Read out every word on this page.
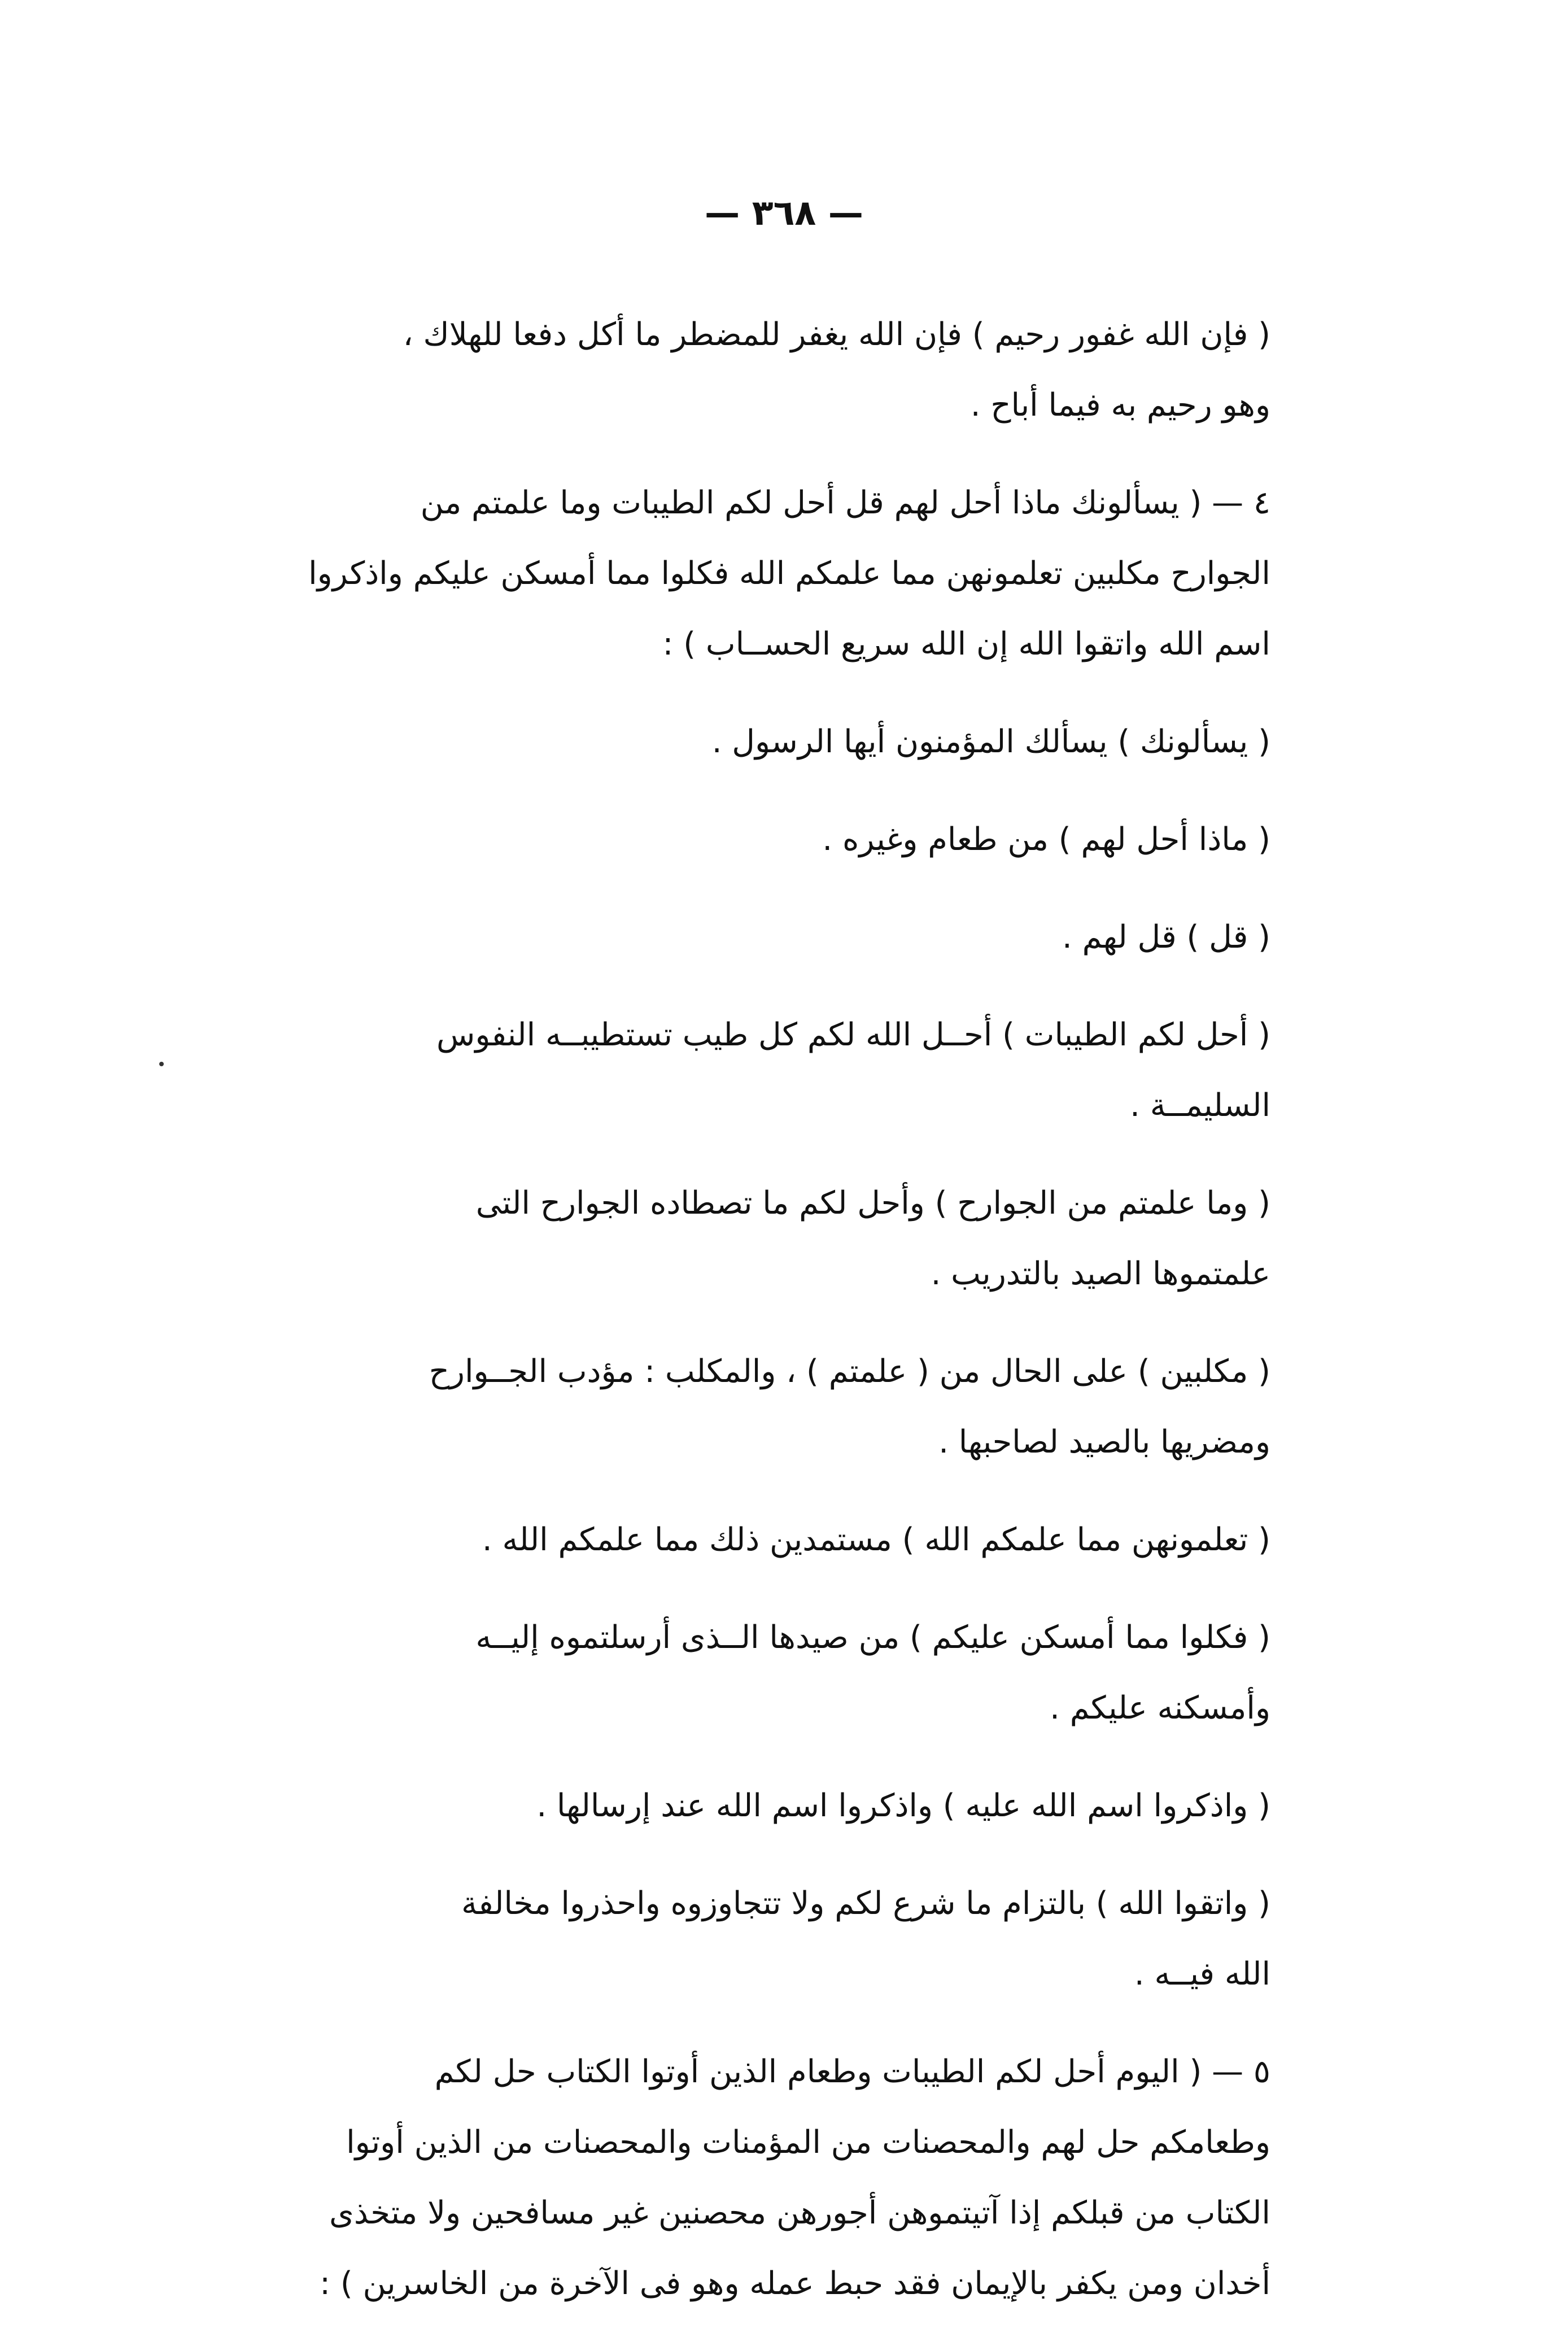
— ٣٦٨ —

( فإن الله غفور رحيم ) فإن الله يغفر للمضطر ما أكل دفعا للهلاك ،

وهو رحيم به فيما أباح .

٤ — ( يسألونك ماذا أحل لهم قل أحل لكم الطيبات وما علمتم من

الجوارح مكلبين تعلمونهن مما علمكم الله فكلوا مما أمسكن عليكم واذكروا

اسم الله واتقوا الله إن الله سريع الحســاب ) :

( يسألونك ) يسألك المؤمنون أيها الرسول .

( ماذا أحل لهم ) من طعام وغيره .

( قل ) قل لهم .

( أحل لكم الطيبات ) أحــل الله لكم كل طيب تستطيبــه النفوس

السليمــة .

( وما علمتم من الجوارح ) وأحل لكم ما تصطاده الجوارح التى

علمتموها الصيد بالتدريب .

( مكلبين ) على الحال من ( علمتم ) ، والمكلب : مؤدب الجــوارح

ومضريها بالصيد لصاحبها .

( تعلمونهن مما علمكم الله ) مستمدين ذلك مما علمكم الله .

( فكلوا مما أمسكن عليكم ) من صيدها الــذى أرسلتموه إليــه

وأمسكنه عليكم .

( واذكروا اسم الله عليه ) واذكروا اسم الله عند إرسالها .

( واتقوا الله ) بالتزام ما شرع لكم ولا تتجاوزوه واحذروا مخالفة

الله فيــه .

٥ — ( اليوم أحل لكم الطيبات وطعام الذين أوتوا الكتاب حل لكم

وطعامكم حل لهم والمحصنات من المؤمنات والمحصنات من الذين أوتوا

الكتاب من قبلكم إذا آتيتموهن أجورهن محصنين غير مسافحين ولا متخذى

أخدان ومن يكفر بالإيمان فقد حبط عمله وهو فى الآخرة من الخاسرين ) :
